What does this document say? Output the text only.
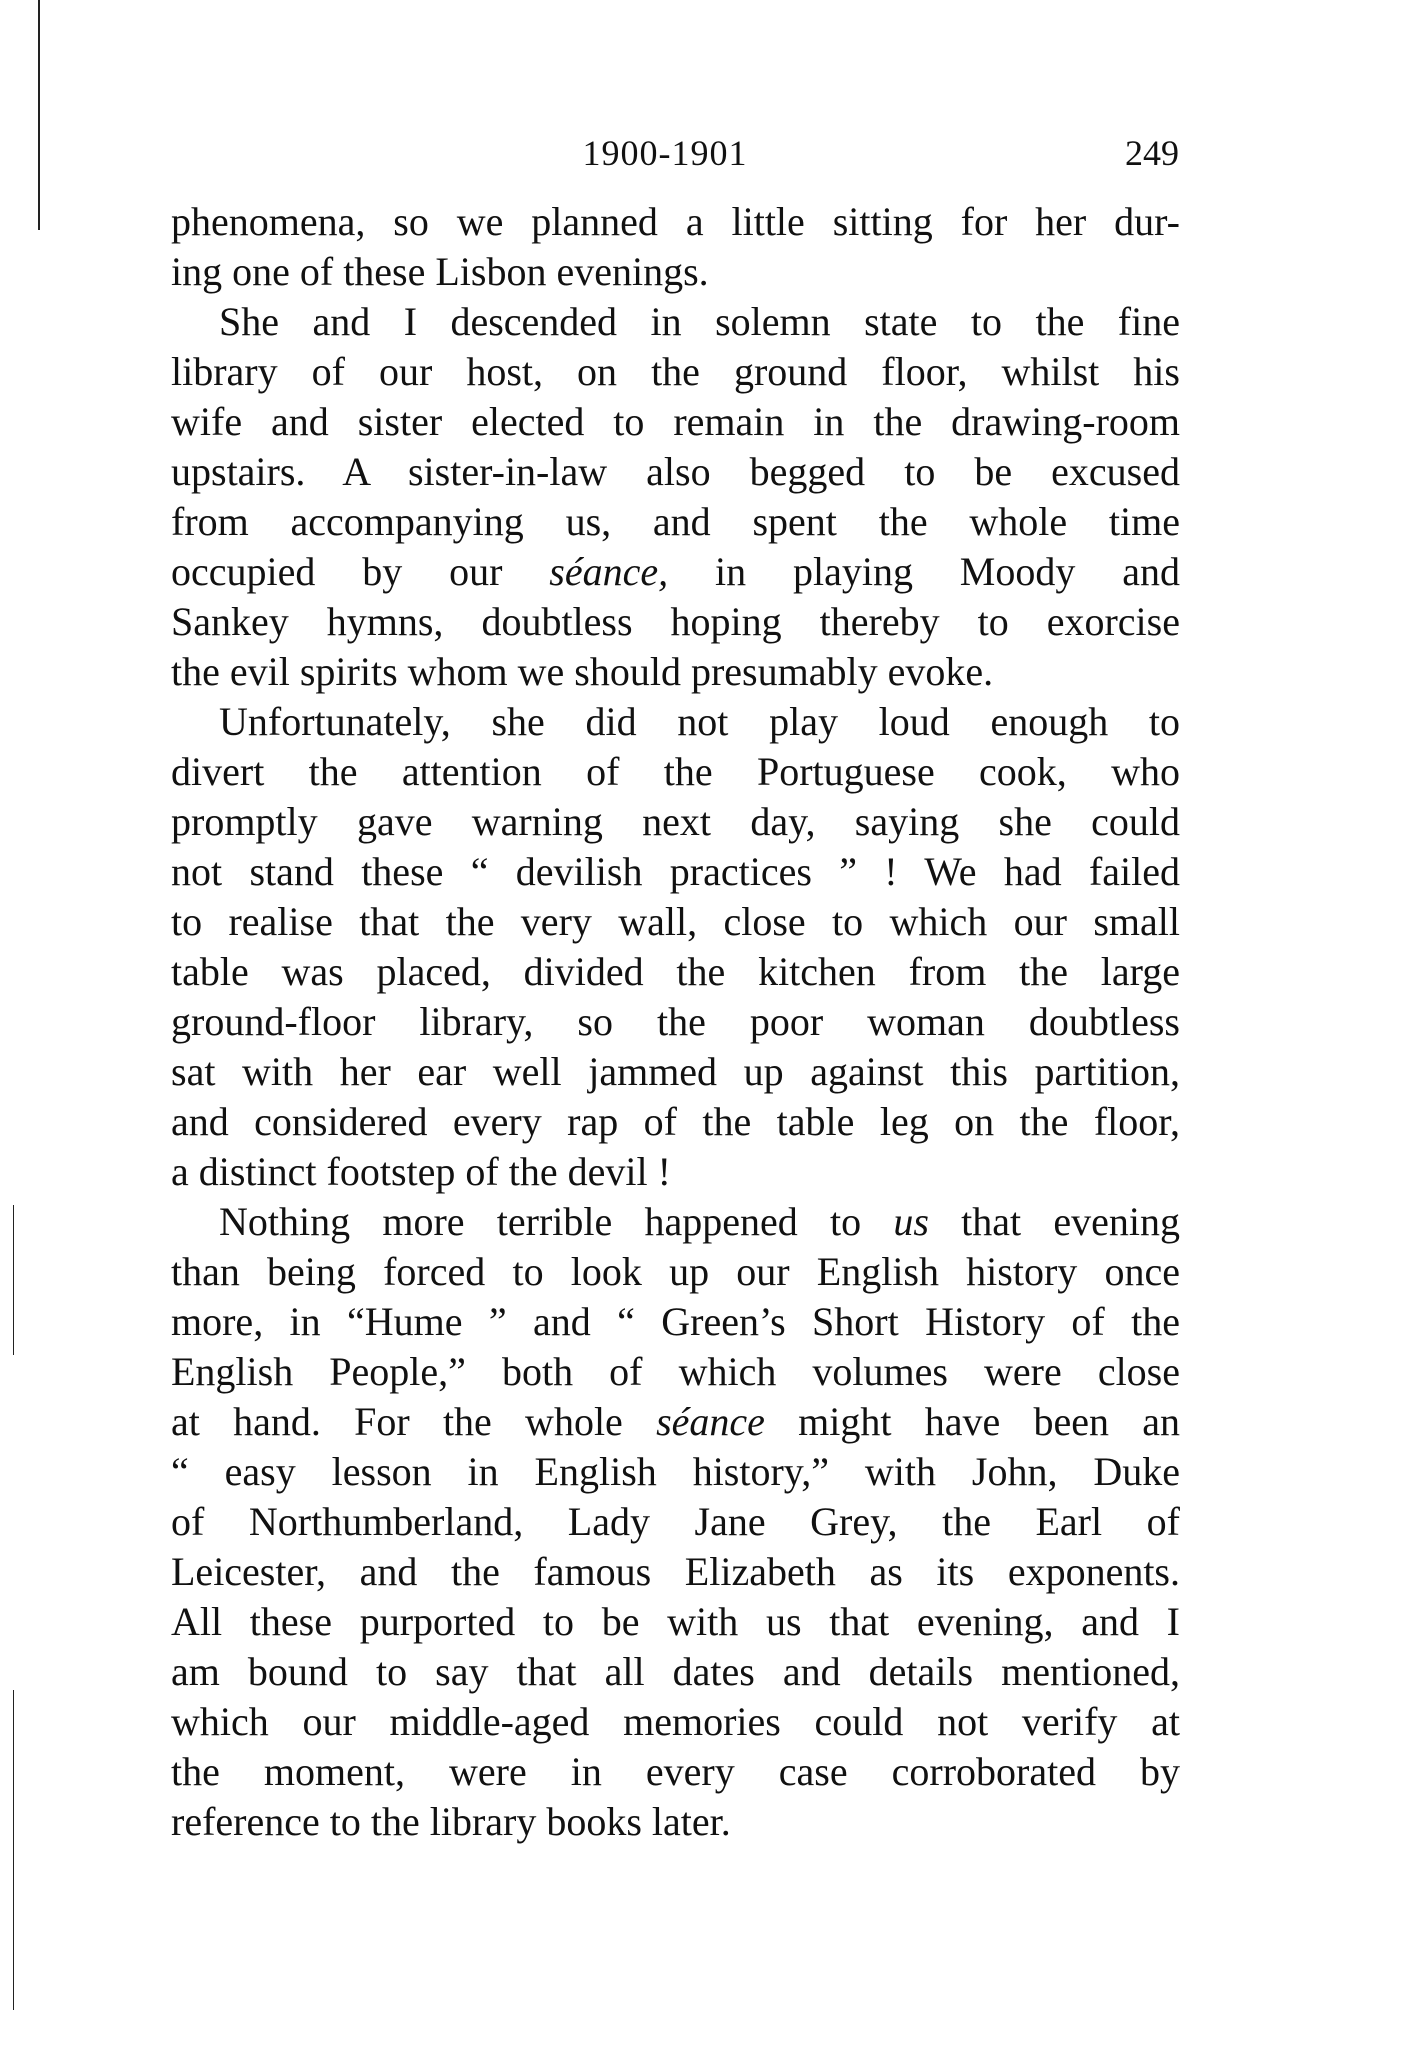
1900-1901	249
phenomena, so we planned a little sitting for her dur-
ing one of these Lisbon evenings.
She and I descended in solemn state to the fine
library of our host, on the ground floor, whilst his
wife and sister elected to remain in the drawing-room
upstairs. A sister-in-law also begged to be excused
from accompanying us, and spent the whole time
occupied by our séance, in playing Moody and
Sankey hymns, doubtless hoping thereby to exorcise
the evil spirits whom we should presumably evoke.
Unfortunately, she did not play loud enough to
divert the attention of the Portuguese cook, who
promptly gave warning next day, saying she could
not stand these “ devilish practices ” ! We had failed
to realise that the very wall, close to which our small
table was placed, divided the kitchen from the large
ground-floor library, so the poor woman doubtless
sat with her ear well jammed up against this partition,
and considered every rap of the table leg on the floor,
a distinct footstep of the devil !
Nothing more terrible happened to us that evening
than being forced to look up our English history once
more, in “Hume ” and “ Green’s Short History of the
English People,” both of which volumes were close
at hand. For the whole séance might have been an
“ easy lesson in English history,” with John, Duke
of Northumberland, Lady Jane Grey, the Earl of
Leicester, and the famous Elizabeth as its exponents.
All these purported to be with us that evening, and I
am bound to say that all dates and details mentioned,
which our middle-aged memories could not verify at
the moment, were in every case corroborated by
reference to the library books later.
